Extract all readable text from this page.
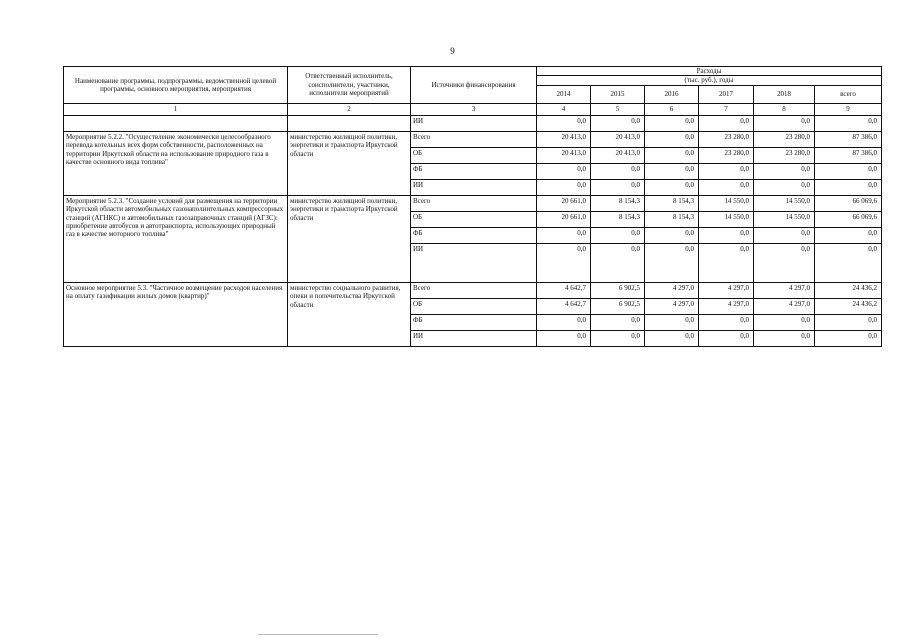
9
Наименование программы, подпрограммы, ведомственной целевой программы, основного мероприятия, мероприятия	Ответственный исполнитель, соисполнители, участники, исполнители мероприятий	Источники финансирования	Расходы					
			(тыс. руб.), годы					
			2014	2015	2016	2017	2018	всего
1	2	3	4	5	6	7	8	9
		ИИ	0,0	0,0	0,0	0,0	0,0	0,0
Мероприятие 5.2.2. "Осуществление экономически целесообразного перевода котельных всех форм собственности, расположенных на территории Иркутской области на использование природного газа в качестве основного вида топлива"	министерство жилищной политики, энергетики и транспорта Иркутской области	Всего	20 413,0	20 413,0	0,0	23 280,0	23 280,0	87 386,0
		ОБ	20 413,0	20 413,0	0,0	23 280,0	23 280,0	87 386,0
		ФБ	0,0	0,0	0,0	0,0	0,0	0,0
		ИИ	0,0	0,0	0,0	0,0	0,0	0,0
Мероприятие 5.2.3. "Создание условий для размещения на территории Иркутской области автомобильных газонаполнительных компрессорных станций (АГНКС) и автомобильных газозаправочных станций (АГЗС): приобретение автобусов и автотранспорта, использующих природный газ в качестве моторного топлива"	министерство жилищной политики, энергетики и транспорта Иркутской области	Всего	20 661,0	8 154,3	8 154,3	14 550,0	14 550,0	66 069,6
		ОБ	20 661,0	8 154,3	8 154,3	14 550,0	14 550,0	66 069,6
		ФБ	0,0	0,0	0,0	0,0	0,0	0,0
		ИИ	0,0	0,0	0,0	0,0	0,0	0,0
Основное мероприятие 5.3. "Частичное возмещение расходов населения на оплату газификации жилых домов (квартир)"	министерство социального развития, опеки и попечительства Иркутской области	Всего	4 642,7	6 902,5	4 297,0	4 297,0	4 297,0	24 436,2
		ОБ	4 642,7	6 902,5	4 297,0	4 297,0	4 297,0	24 436,2
		ФБ	0,0	0,0	0,0	0,0	0,0	0,0
		ИИ	0,0	0,0	0,0	0,0	0,0	0,0
